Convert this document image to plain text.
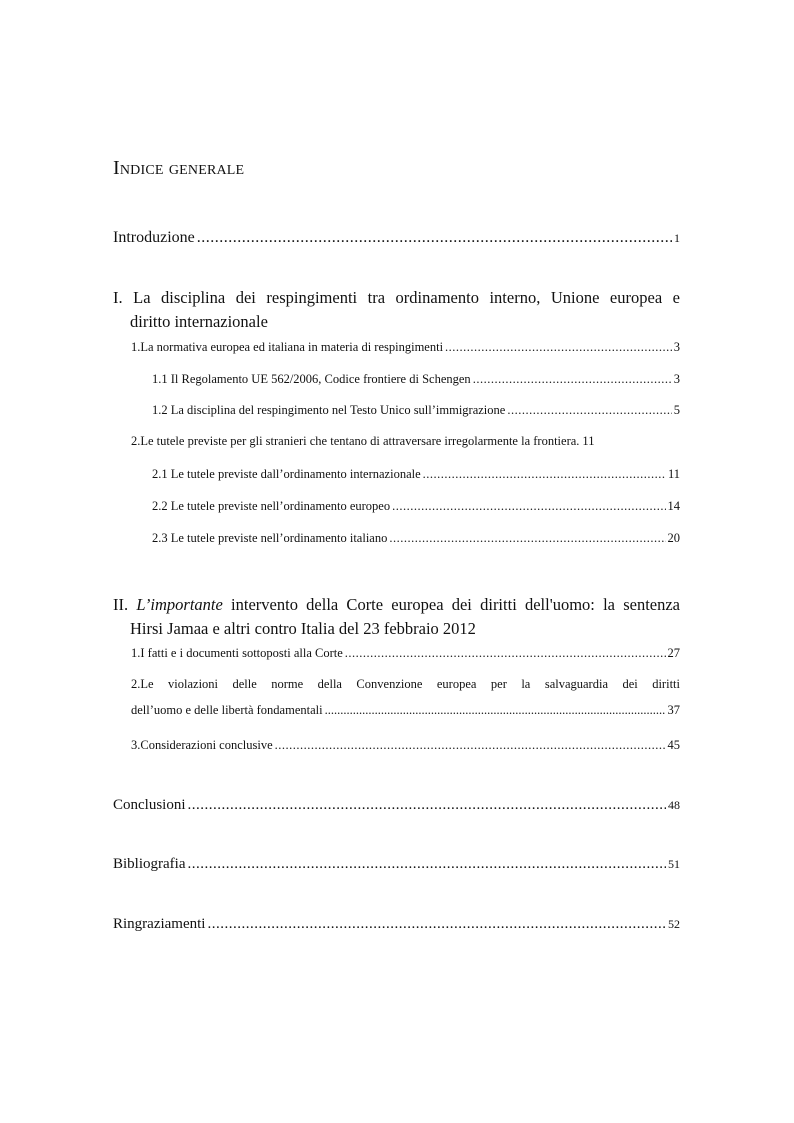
Indice generale
Introduzione .....	1
I. La disciplina dei respingimenti tra ordinamento interno, Unione europea e
diritto internazionale
1.La normativa europea ed italiana in materia di respingimenti .....	3
1.1 Il Regolamento UE 562/2006, Codice frontiere di Schengen .....	3
1.2 La disciplina del respingimento nel Testo Unico sull’immigrazione .....	5
2.Le tutele previste per gli stranieri che tentano di attraversare irregolarmente la frontiera. 11
2.1 Le tutele previste dall’ordinamento internazionale .....	11
2.2 Le tutele previste nell’ordinamento europeo .....	14
2.3 Le tutele previste nell’ordinamento italiano .....	20
II. L’importante intervento della Corte europea dei diritti dell'uomo: la sentenza
Hirsi Jamaa e altri contro Italia del 23 febbraio 2012
1.I fatti e i documenti sottoposti alla Corte .....	27
2.Le violazioni delle norme della Convenzione europea per la salvaguardia dei diritti
dell’uomo e delle libertà fondamentali .....	37
3.Considerazioni conclusive .....	45
Conclusioni .....	48
Bibliografia .....	51
Ringraziamenti .....	52
